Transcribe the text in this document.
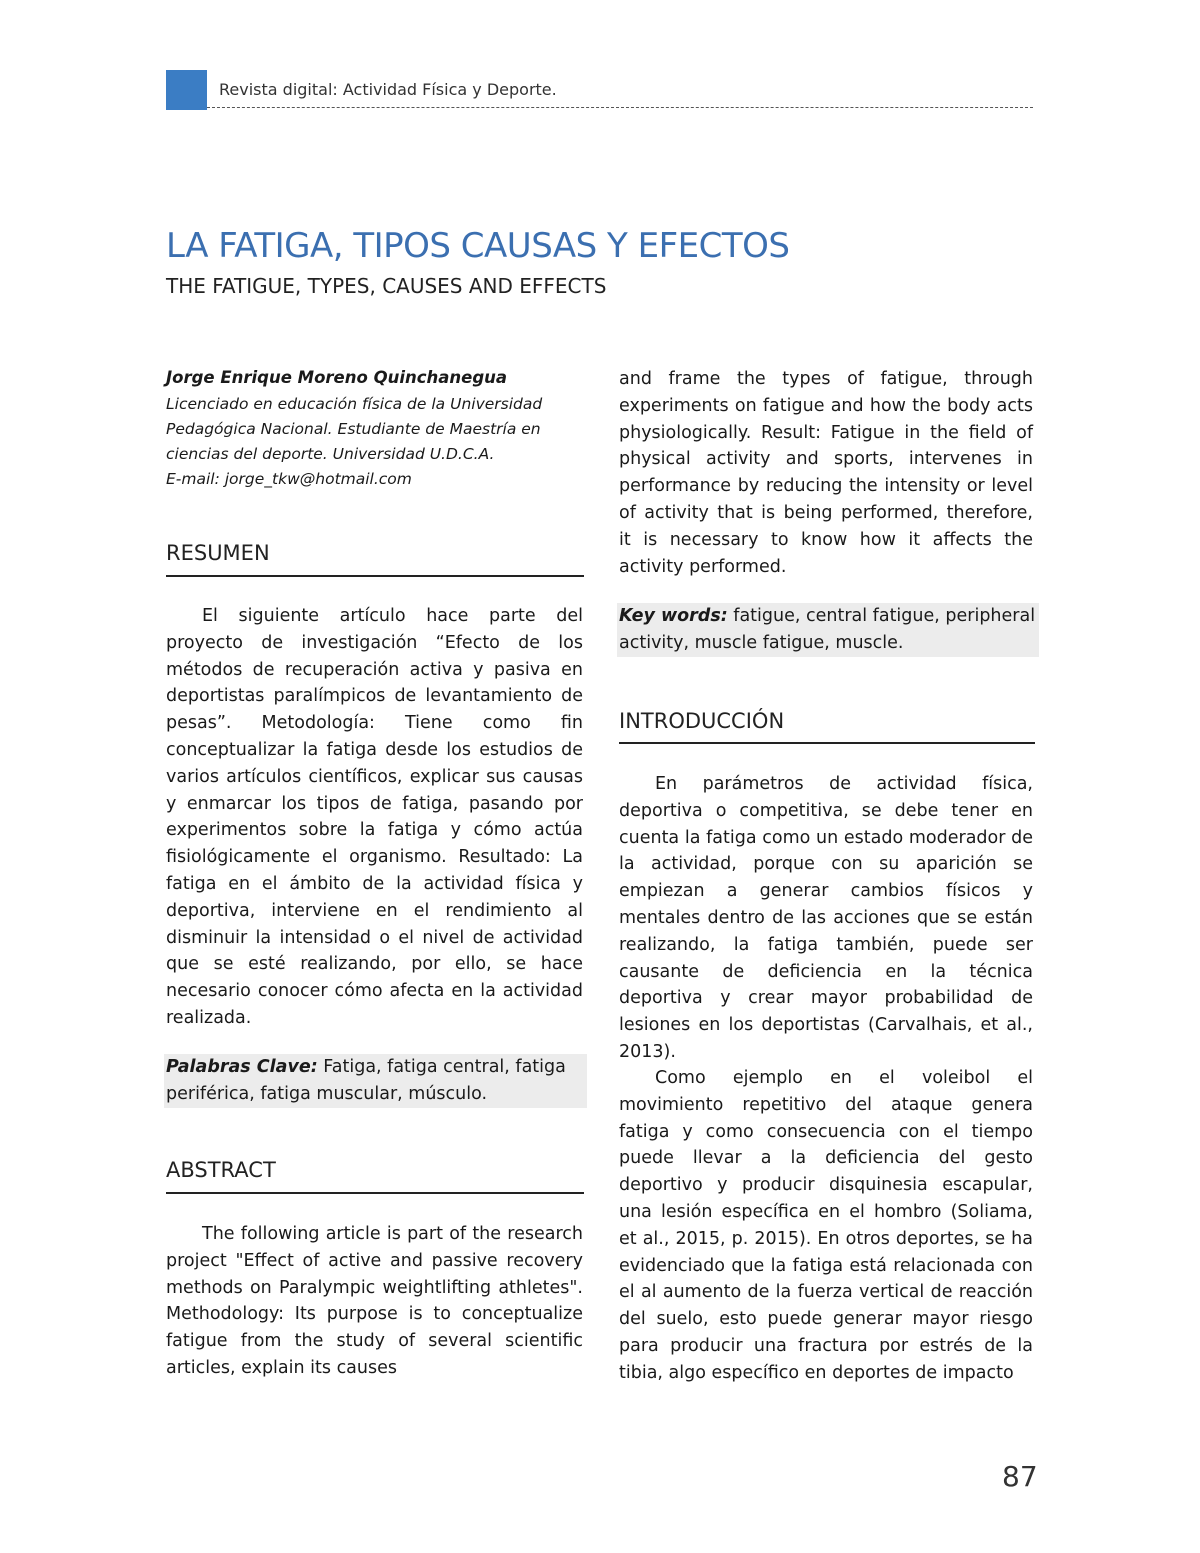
Revista digital: Actividad Física y Deporte.
LA FATIGA, TIPOS CAUSAS Y EFECTOS
THE FATIGUE, TYPES, CAUSES AND EFFECTS
Jorge Enrique Moreno Quinchanegua
Licenciado en educación física de la Universidad
Pedagógica Nacional. Estudiante de Maestría en
ciencias del deporte. Universidad U.D.C.A.
E-mail: jorge_tkw@hotmail.com
RESUMEN

El siguiente artículo hace parte del proyecto de investigación “Efecto de los métodos de recuperación activa y pasiva en deportistas paralímpicos de levantamiento de pesas”. Metodología: Tiene como fin conceptualizar la fatiga desde los estudios de varios artículos científicos, explicar sus causas y enmarcar los tipos de fatiga, pasando por experimentos sobre la fatiga y cómo actúa fisiológicamente el organismo. Resultado: La fatiga en el ámbito de la actividad física y deportiva, interviene en el rendimiento al disminuir la intensidad o el nivel de actividad que se esté realizando, por ello, se hace necesario conocer cómo afecta en la actividad realizada.

Palabras Clave: Fatiga, fatiga central, fatiga periférica, fatiga muscular, músculo.
ABSTRACT

The following article is part of the research project "Effect of active and passive recovery methods on Paralympic weightlifting athletes". Methodology: Its purpose is to conceptualize fatigue from the study of several scientific articles, explain its causes

and frame the types of fatigue, through experiments on fatigue and how the body acts physiologically. Result: Fatigue in the field of physical activity and sports, intervenes in performance by reducing the intensity or level of activity that is being performed, therefore, it is necessary to know how it affects the activity performed.

Key words: fatigue, central fatigue, peripheral activity, muscle fatigue, muscle.
INTRODUCCIÓN

En parámetros de actividad física, deportiva o competitiva, se debe tener en cuenta la fatiga como un estado moderador de la actividad, porque con su aparición se empiezan a generar cambios físicos y mentales dentro de las acciones que se están realizando, la fatiga también, puede ser causante de deficiencia en la técnica deportiva y crear mayor probabilidad de lesiones en los deportistas (Carvalhais, et al., 2013).

Como ejemplo en el voleibol el movimiento repetitivo del ataque genera fatiga y como consecuencia con el tiempo puede llevar a la deficiencia del gesto deportivo y producir disquinesia escapular, una lesión específica en el hombro (Soliama, et al., 2015, p. 2015). En otros deportes, se ha evidenciado que la fatiga está relacionada con el al aumento de la fuerza vertical de reacción del suelo, esto puede generar mayor riesgo para producir una fractura por estrés de la tibia, algo específico en deportes de impacto

87
